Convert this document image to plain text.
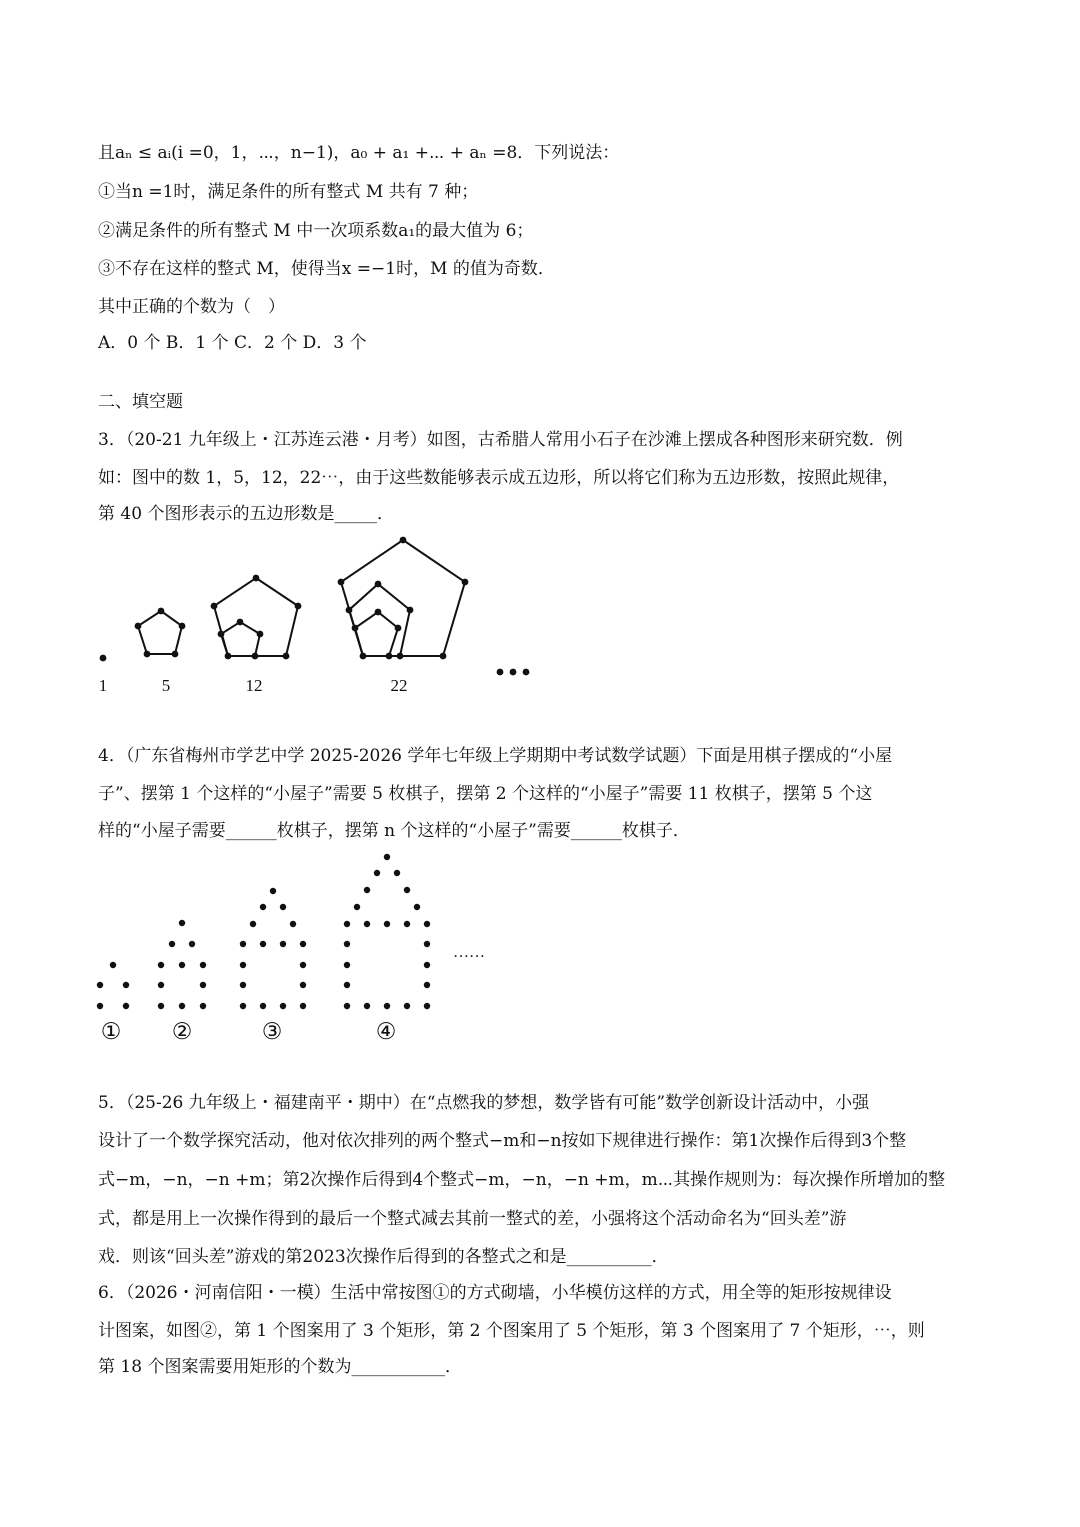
且aₙ ≤ aᵢ(i =0，1，⋯，n−1)，a₀ + a₁ +⋯ + aₙ =8．下列说法：
①当n =1时，满足条件的所有整式 M 共有 7 种；
②满足条件的所有整式 M 中一次项系数a₁的最大值为 6；
③不存在这样的整式 M，使得当x =−1时，M 的值为奇数．
其中正确的个数为（　）
A．0 个 B．1 个 C．2 个 D．3 个
二、填空题
3．（20-21 九年级上・江苏连云港・月考）如图，古希腊人常用小石子在沙滩上摆成各种图形来研究数．例
如：图中的数 1，5，12，22⋯，由于这些数能够表示成五边形，所以将它们称为五边形数，按照此规律，
第 40 个图形表示的五边形数是_____．
1	5	12	22
4．（广东省梅州市学艺中学 2025-2026 学年七年级上学期期中考试数学试题）下面是用棋子摆成的“小屋
子”、摆第 1 个这样的“小屋子”需要 5 枚棋子，摆第 2 个这样的“小屋子”需要 11 枚棋子，摆第 5 个这
样的“小屋子需要______枚棋子，摆第 n 个这样的“小屋子”需要______枚棋子．
……
① ②	③	④
5．（25-26 九年级上・福建南平・期中）在“点燃我的梦想，数学皆有可能”数学创新设计活动中，小强
设计了一个数学探究活动，他对依次排列的两个整式−m和−n按如下规律进行操作：第1次操作后得到3个整
式−m，−n，−n +m；第2次操作后得到4个整式−m，−n，−n +m，m⋯其操作规则为：每次操作所增加的整
式，都是用上一次操作得到的最后一个整式减去其前一整式的差，小强将这个活动命名为“回头差”游
戏．则该“回头差”游戏的第2023次操作后得到的各整式之和是__________．
6．（2026・河南信阳・一模）生活中常按图①的方式砌墙，小华模仿这样的方式，用全等的矩形按规律设
计图案，如图②，第 1 个图案用了 3 个矩形，第 2 个图案用了 5 个矩形，第 3 个图案用了 7 个矩形，⋯，则
第 18 个图案需要用矩形的个数为___________．
